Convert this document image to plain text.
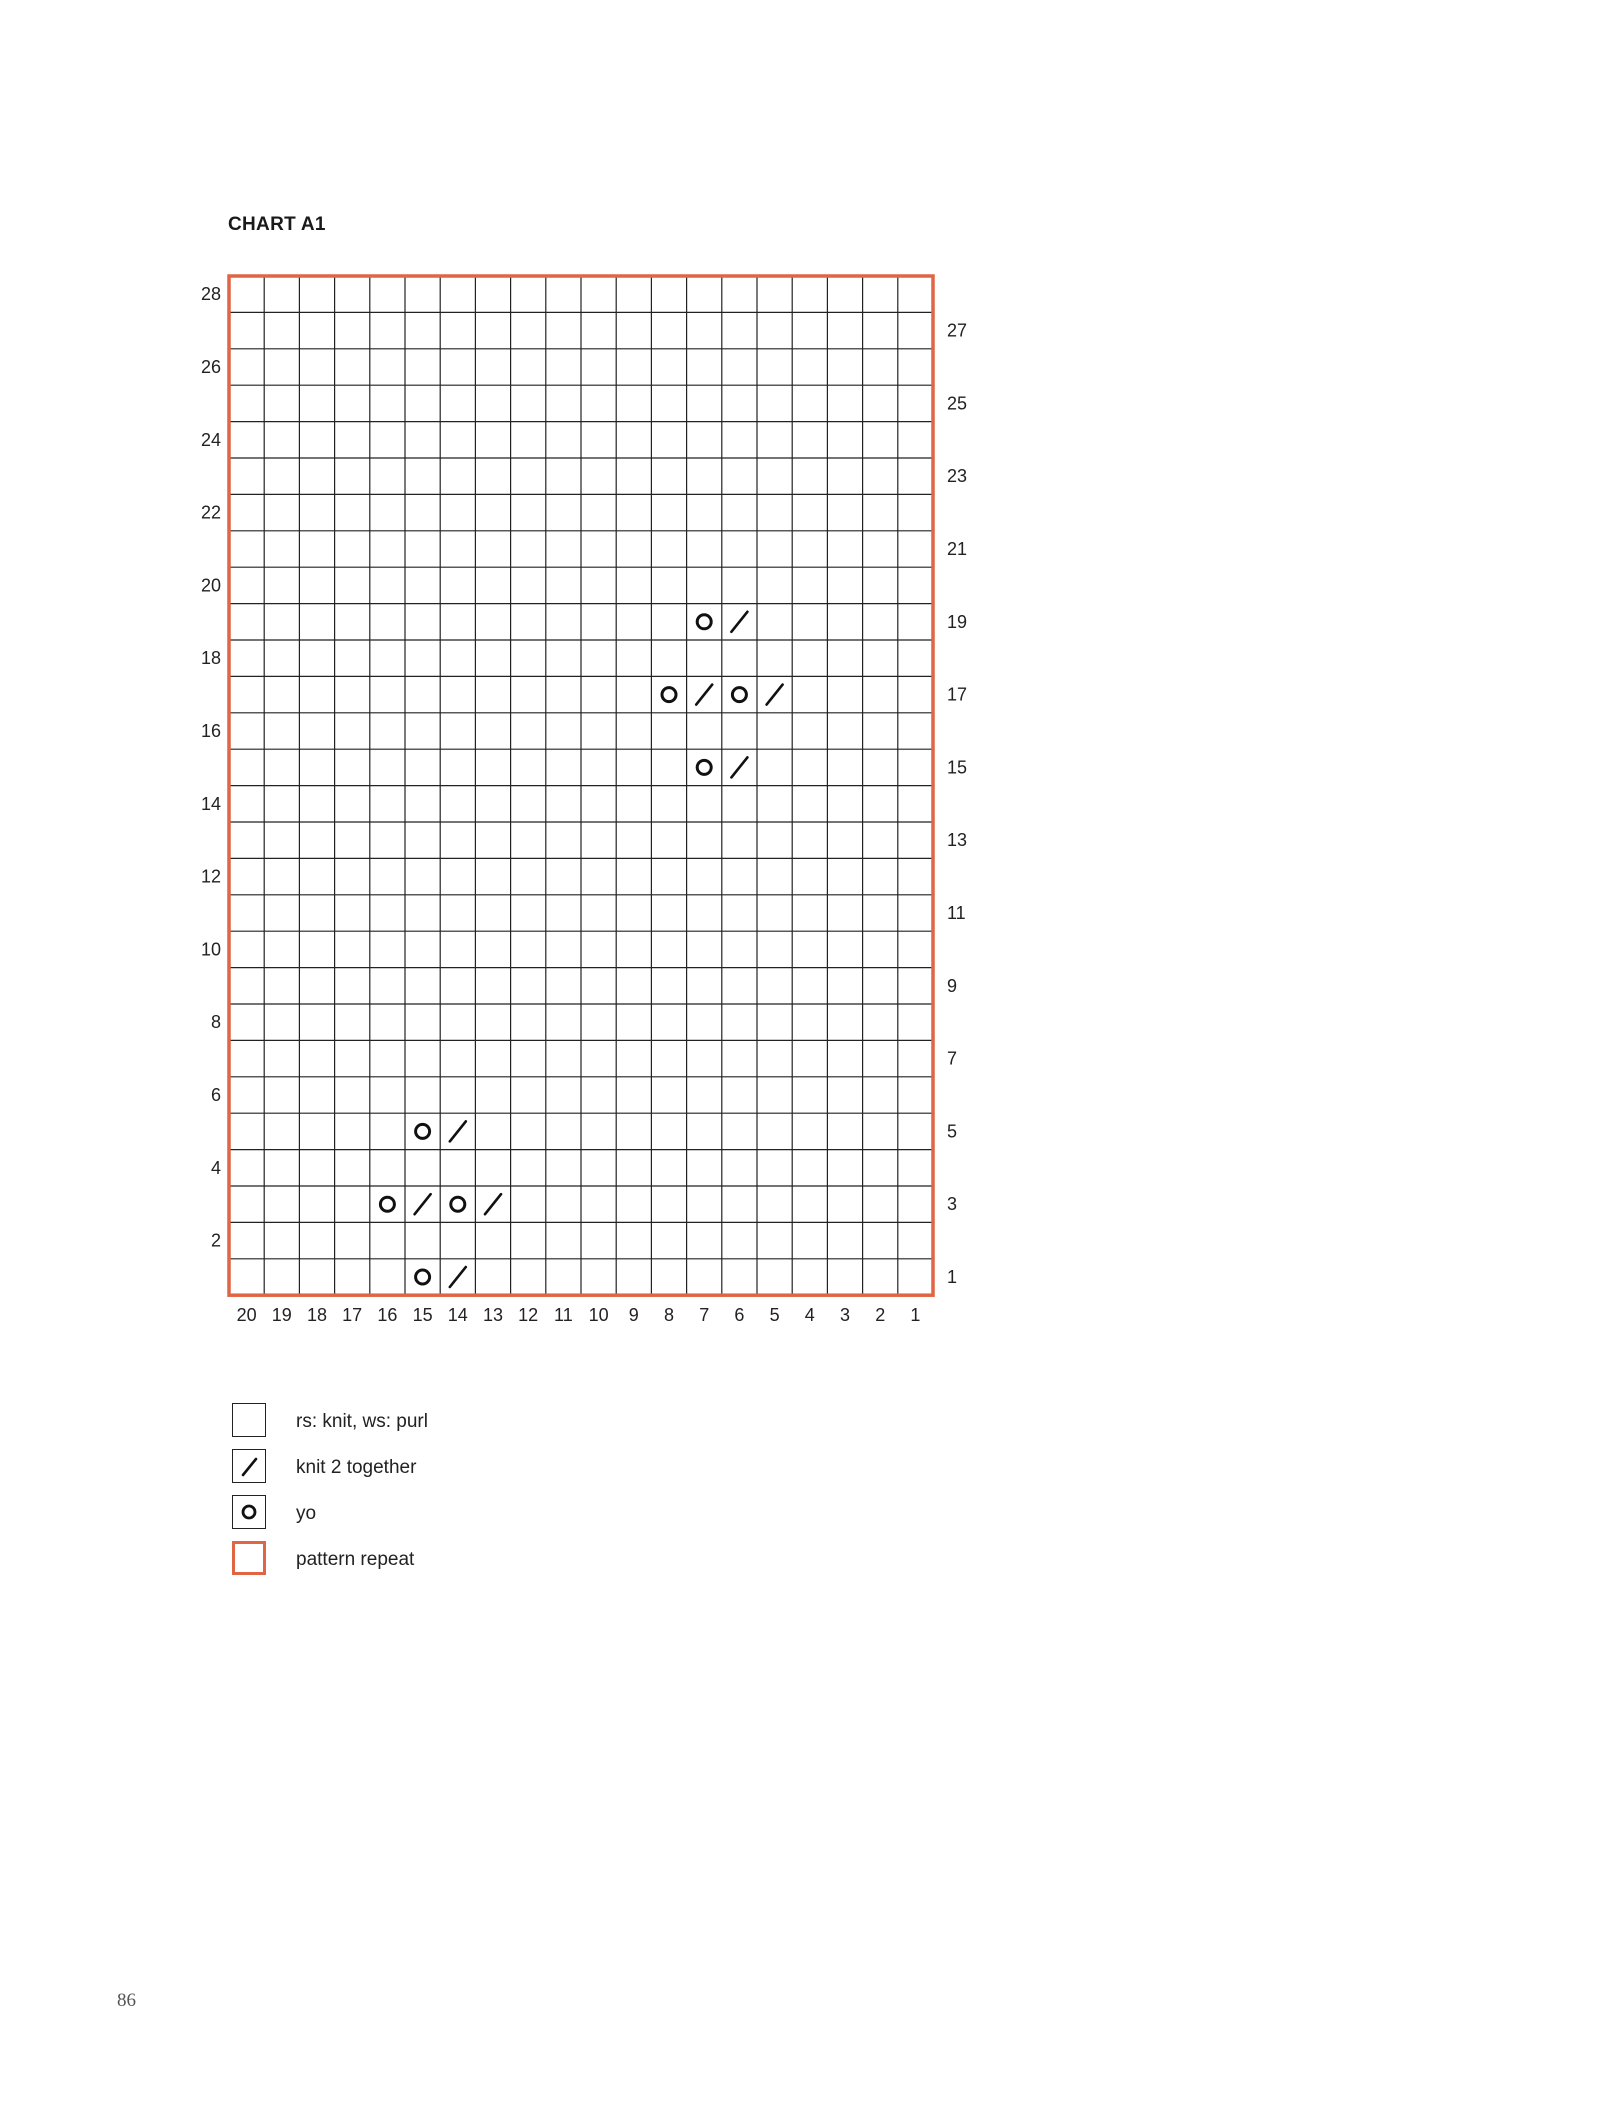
CHART A1
20 19 18 17 16 15 14 13 12 11 10 9 8 7 6 5 4 3 2 1
28
26
24
22
20
18
16
14
12
10
8
6
4
2
27
25
23
21
19
17
15
13
11
9
7
5
3
1
rs: knit, ws: purl
knit 2 together
yo
pattern repeat
86
